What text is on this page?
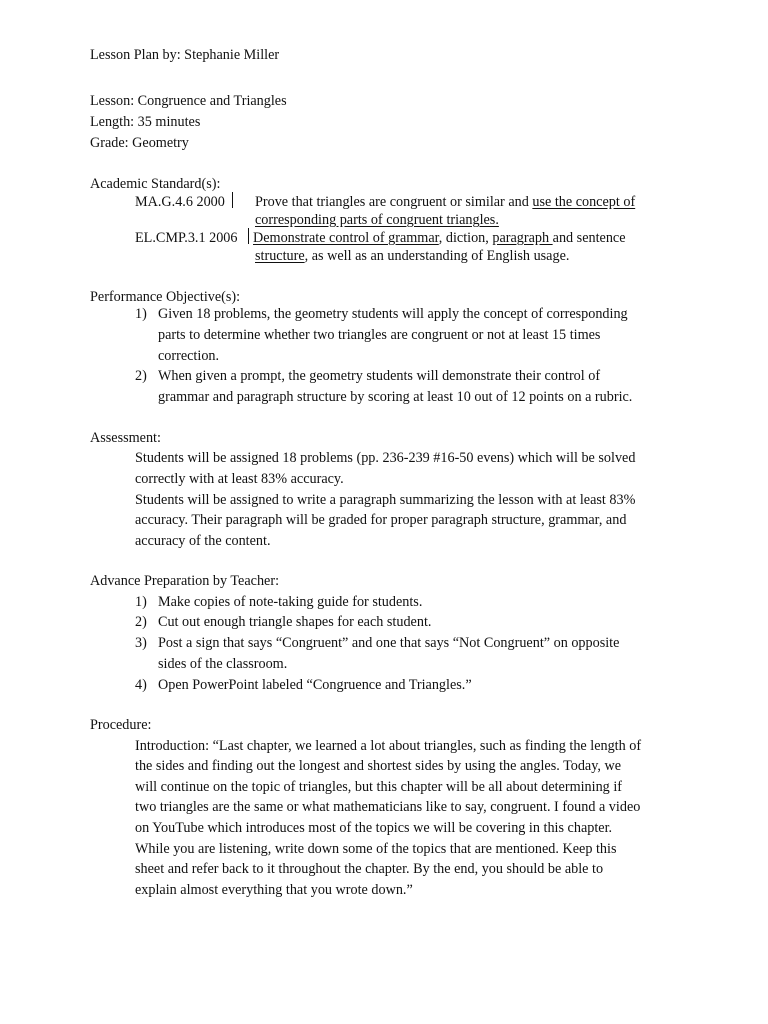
Lesson Plan by: Stephanie Miller
Lesson: Congruence and Triangles
Length: 35 minutes
Grade: Geometry
Academic Standard(s):
MA.G.4.6 2000 Prove that triangles are congruent or similar and use the concept of
corresponding parts of congruent triangles.
EL.CMP.3.1 2006 Demonstrate control of grammar, diction, paragraph and sentence
structure, as well as an understanding of English usage.
Performance Objective(s):
1) Given 18 problems, the geometry students will apply the concept of corresponding
parts to determine whether two triangles are congruent or not at least 15 times
correction.
2) When given a prompt, the geometry students will demonstrate their control of
grammar and paragraph structure by scoring at least 10 out of 12 points on a rubric.
Assessment:
Students will be assigned 18 problems (pp. 236-239 #16-50 evens) which will be solved
correctly with at least 83% accuracy.
Students will be assigned to write a paragraph summarizing the lesson with at least 83%
accuracy. Their paragraph will be graded for proper paragraph structure, grammar, and
accuracy of the content.
Advance Preparation by Teacher:
1) Make copies of note-taking guide for students.
2) Cut out enough triangle shapes for each student.
3) Post a sign that says “Congruent” and one that says “Not Congruent” on opposite
sides of the classroom.
4) Open PowerPoint labeled “Congruence and Triangles.”
Procedure:
Introduction: “Last chapter, we learned a lot about triangles, such as finding the length of
the sides and finding out the longest and shortest sides by using the angles. Today, we
will continue on the topic of triangles, but this chapter will be all about determining if
two triangles are the same or what mathematicians like to say, congruent. I found a video
on YouTube which introduces most of the topics we will be covering in this chapter.
While you are listening, write down some of the topics that are mentioned. Keep this
sheet and refer back to it throughout the chapter. By the end, you should be able to
explain almost everything that you wrote down.”
